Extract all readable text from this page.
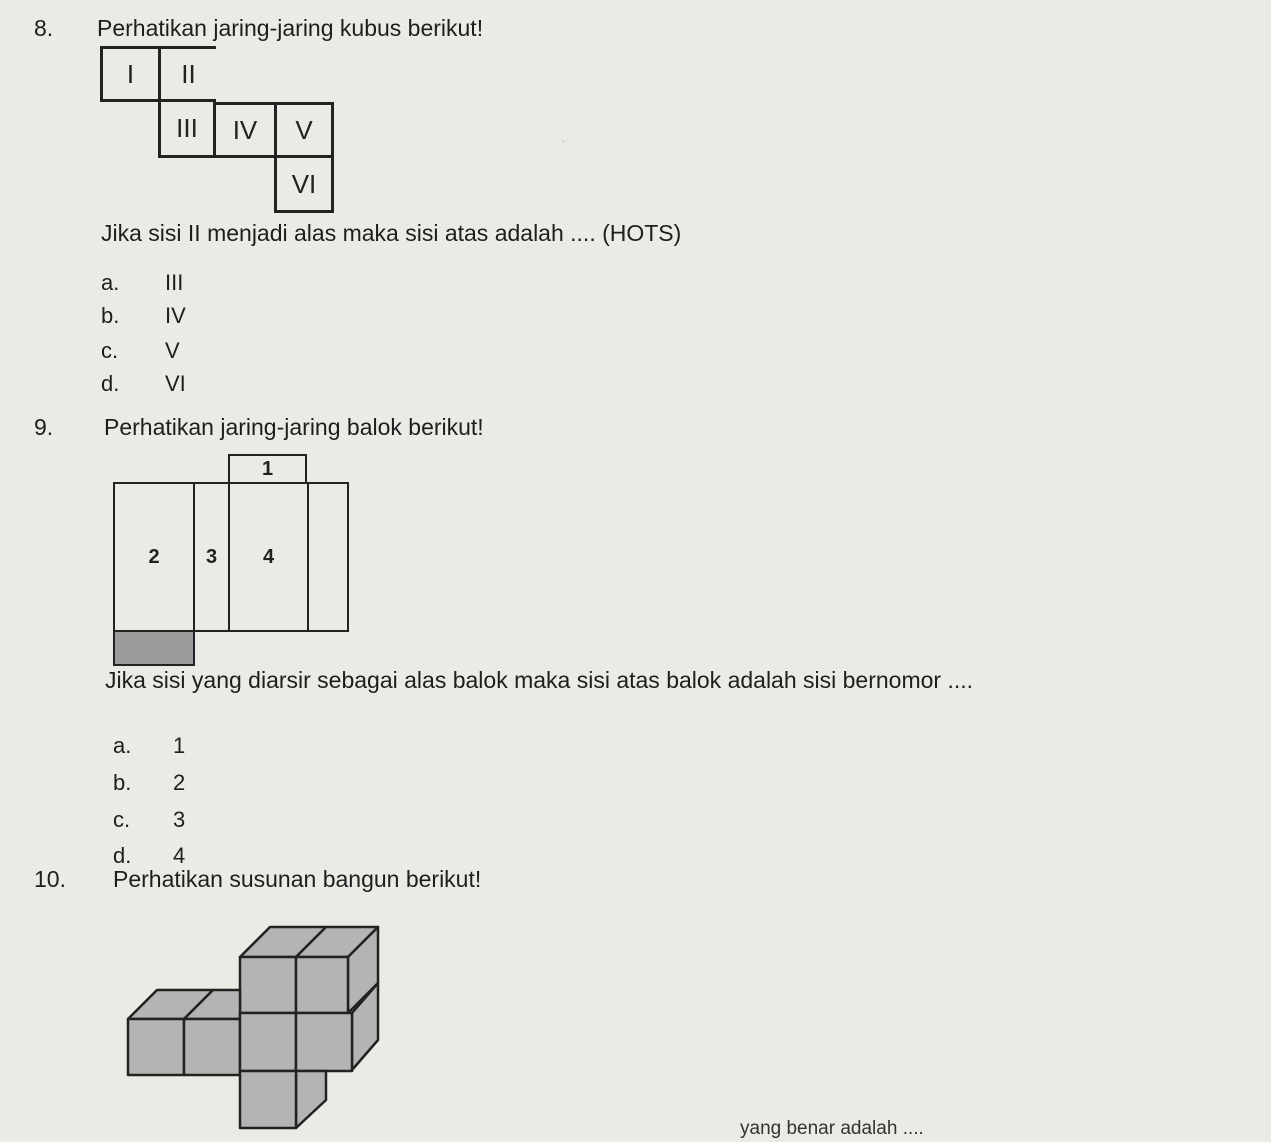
8. Perhatikan jaring-jaring kubus berikut!
I	II
III	IV	V
VI
Jika sisi II menjadi alas maka sisi atas adalah .... (HOTS)
a. III
b. IV
c. V
d. VI
9. Perhatikan jaring-jaring balok berikut!
1
2	3	4
Jika sisi yang diarsir sebagai alas balok maka sisi atas balok adalah sisi bernomor ....
a. 1
b. 2
c. 3
d. 4
10. Perhatikan susunan bangun berikut!
·
yang benar adalah ....
